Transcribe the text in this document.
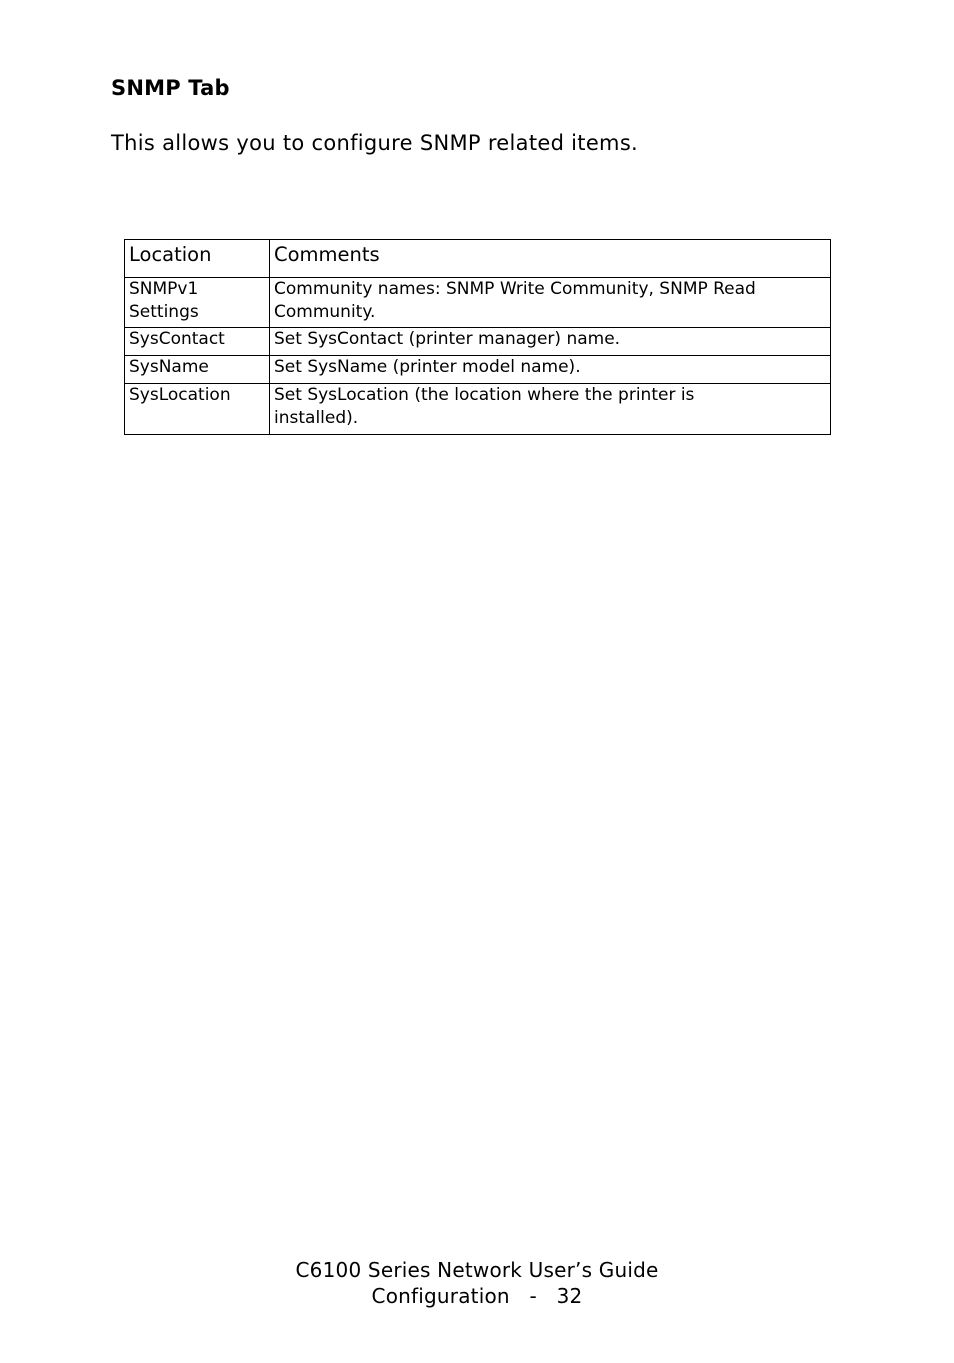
SNMP Tab

This allows you to configure SNMP related items.

Location	Comments
SNMPv1
Settings	Community names: SNMP Write Community, SNMP Read
Community.
SysContact	Set SysContact (printer manager) name.
SysName	Set SysName (printer model name).
SysLocation	Set SysLocation (the location where the printer is
installed).
C6100 Series Network User’s Guide
Configuration - 32
